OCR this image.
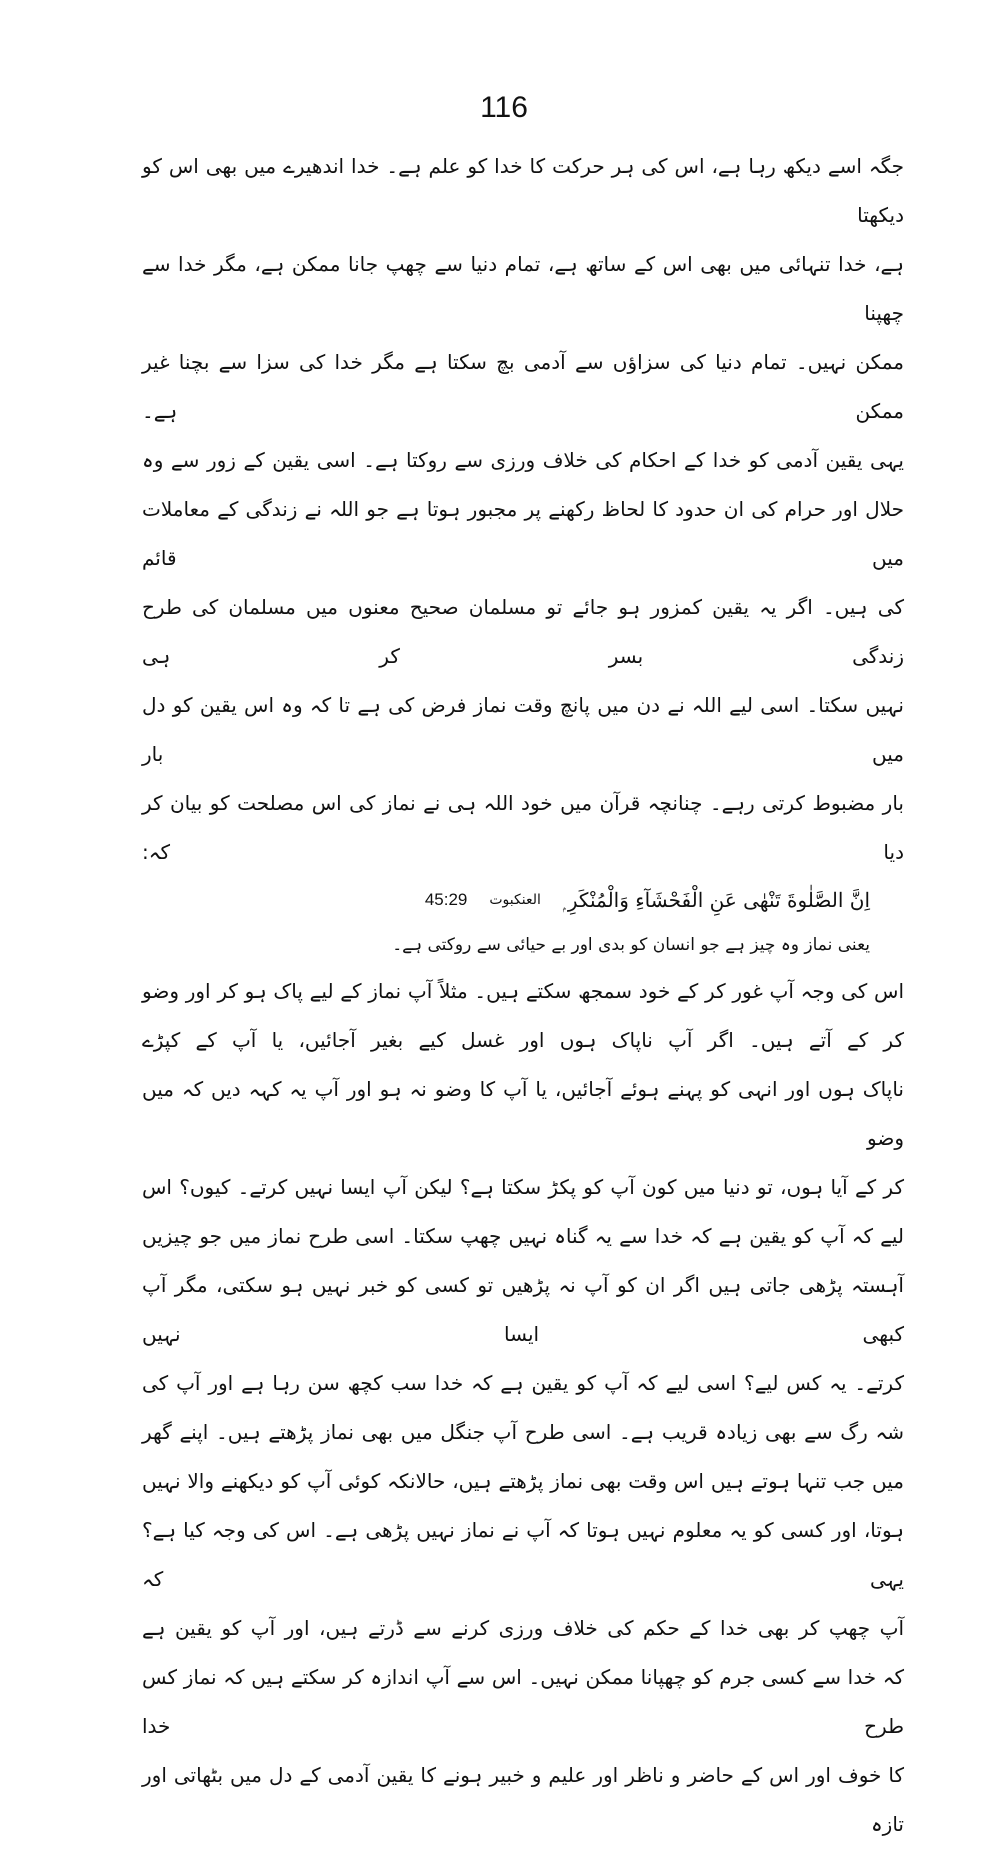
116
جگہ اسے دیکھ رہا ہے، اس کی ہر حرکت کا خدا کو علم ہے۔ خدا اندھیرے میں بھی اس کو دیکھتا
ہے، خدا تنہائی میں بھی اس کے ساتھ ہے، تمام دنیا سے چھپ جانا ممکن ہے، مگر خدا سے چھپنا
ممکن نہیں۔ تمام دنیا کی سزاؤں سے آدمی بچ سکتا ہے مگر خدا کی سزا سے بچنا غیر ممکن ہے۔
یہی یقین آدمی کو خدا کے احکام کی خلاف ورزی سے روکتا ہے۔ اسی یقین کے زور سے وہ
حلال اور حرام کی ان حدود کا لحاظ رکھنے پر مجبور ہوتا ہے جو اللہ نے زندگی کے معاملات میں قائم
کی ہیں۔ اگر یہ یقین کمزور ہو جائے تو مسلمان صحیح معنوں میں مسلمان کی طرح زندگی بسر کر ہی
نہیں سکتا۔ اسی لیے اللہ نے دن میں پانچ وقت نماز فرض کی ہے تا کہ وہ اس یقین کو دل میں بار
بار مضبوط کرتی رہے۔ چنانچہ قرآن میں خود اللہ ہی نے نماز کی اس مصلحت کو بیان کر دیا کہ:
اِنَّ الصَّلٰوةَ تَنْهٰى عَنِ الْفَحْشَآءِ وَالْمُنْكَرِ ۭ
العنکبوت
45:29
یعنی نماز وہ چیز ہے جو انسان کو بدی اور بے حیائی سے روکتی ہے۔
اس کی وجہ آپ غور کر کے خود سمجھ سکتے ہیں۔ مثلاً آپ نماز کے لیے پاک ہو کر اور وضو
کر کے آتے ہیں۔ اگر آپ ناپاک ہوں اور غسل کیے بغیر آجائیں، یا آپ کے کپڑے
ناپاک ہوں اور انہی کو پہنے ہوئے آجائیں، یا آپ کا وضو نہ ہو اور آپ یہ کہہ دیں کہ میں وضو
کر کے آیا ہوں، تو دنیا میں کون آپ کو پکڑ سکتا ہے؟ لیکن آپ ایسا نہیں کرتے۔ کیوں؟ اس
لیے کہ آپ کو یقین ہے کہ خدا سے یہ گناہ نہیں چھپ سکتا۔ اسی طرح نماز میں جو چیزیں
آہستہ پڑھی جاتی ہیں اگر ان کو آپ نہ پڑھیں تو کسی کو خبر نہیں ہو سکتی، مگر آپ کبھی ایسا نہیں
کرتے۔ یہ کس لیے؟ اسی لیے کہ آپ کو یقین ہے کہ خدا سب کچھ سن رہا ہے اور آپ کی
شہ رگ سے بھی زیادہ قریب ہے۔ اسی طرح آپ جنگل میں بھی نماز پڑھتے ہیں۔ اپنے گھر
میں جب تنہا ہوتے ہیں اس وقت بھی نماز پڑھتے ہیں، حالانکہ کوئی آپ کو دیکھنے والا نہیں
ہوتا، اور کسی کو یہ معلوم نہیں ہوتا کہ آپ نے نماز نہیں پڑھی ہے۔ اس کی وجہ کیا ہے؟ یہی کہ
آپ چھپ کر بھی خدا کے حکم کی خلاف ورزی کرنے سے ڈرتے ہیں، اور آپ کو یقین ہے
کہ خدا سے کسی جرم کو چھپانا ممکن نہیں۔ اس سے آپ اندازہ کر سکتے ہیں کہ نماز کس طرح خدا
کا خوف اور اس کے حاضر و ناظر اور علیم و خبیر ہونے کا یقین آدمی کے دل میں بٹھاتی اور تازہ
